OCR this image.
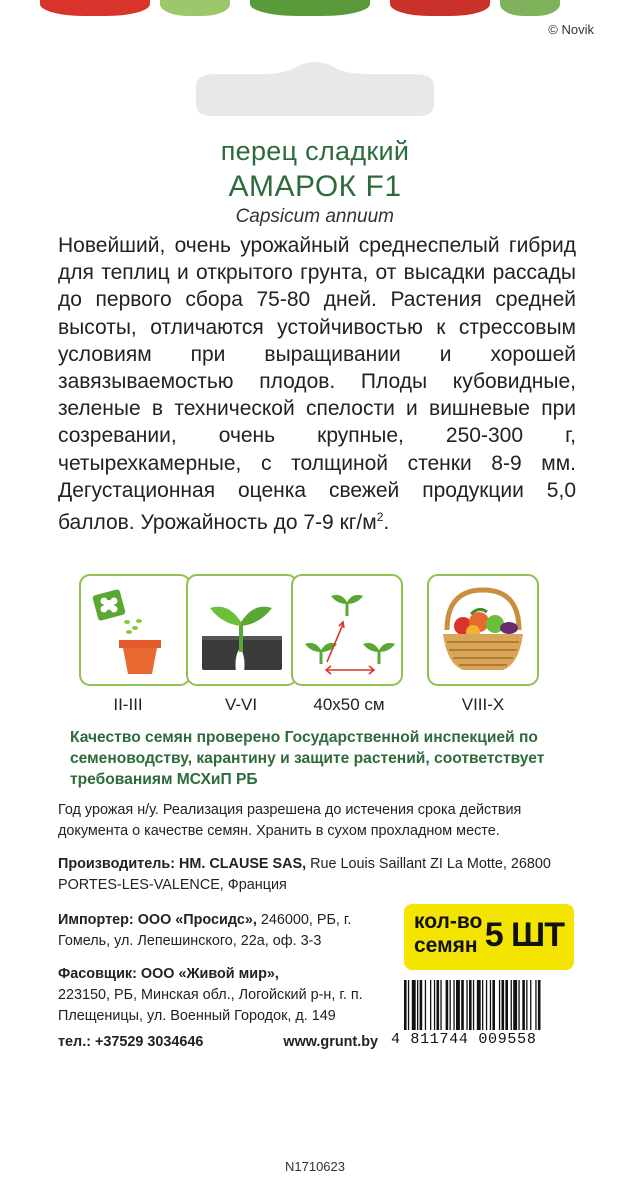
© Novik
перец сладкий
АМАРОК F1
Capsicum annuum
Новейший, очень урожайный среднеспелый гибрид для теплиц и открытого грунта, от высадки рассады до первого сбора 75-80 дней. Растения средней высоты, отличаются устойчивостью к стрессовым условиям при выращивании и хорошей завязываемостью плодов. Плоды кубовидные, зеленые в технической спелости и вишневые при созревании, очень крупные, 250-300 г, четырехкамерные, с толщиной стенки 8-9 мм. Дегустационная оценка свежей продукции 5,0 баллов. Урожайность до 7-9 $кг/м^2$.
II-III	V-VI	40x50 см	VIII-X
Качество семян проверено Государственной инспекцией по семеноводству, карантину и защите растений, соответствует требованиям МСХиП РБ
Год урожая н/у. Реализация разрешена до истечения срока действия документа о качестве семян. Хранить в сухом прохладном месте.
Производитель: HM. CLAUSE SAS, Rue Louis Saillant ZI La Motte, 26800 PORTES-LES-VALENCE, Франция
Импортер: ООО «Просидс», 246000, РБ, г. Гомель, ул. Лепешинского, 22а, оф. 3-3
Фасовщик: ООО «Живой мир»,
223150, РБ, Минская обл., Логойский р-н, г. п. Плещеницы, ул. Военный Городок, д. 149
тел.: +37529 3034646	www.grunt.by
кол-во
семян 5 ШТ
4 811744 009558
N1710623
